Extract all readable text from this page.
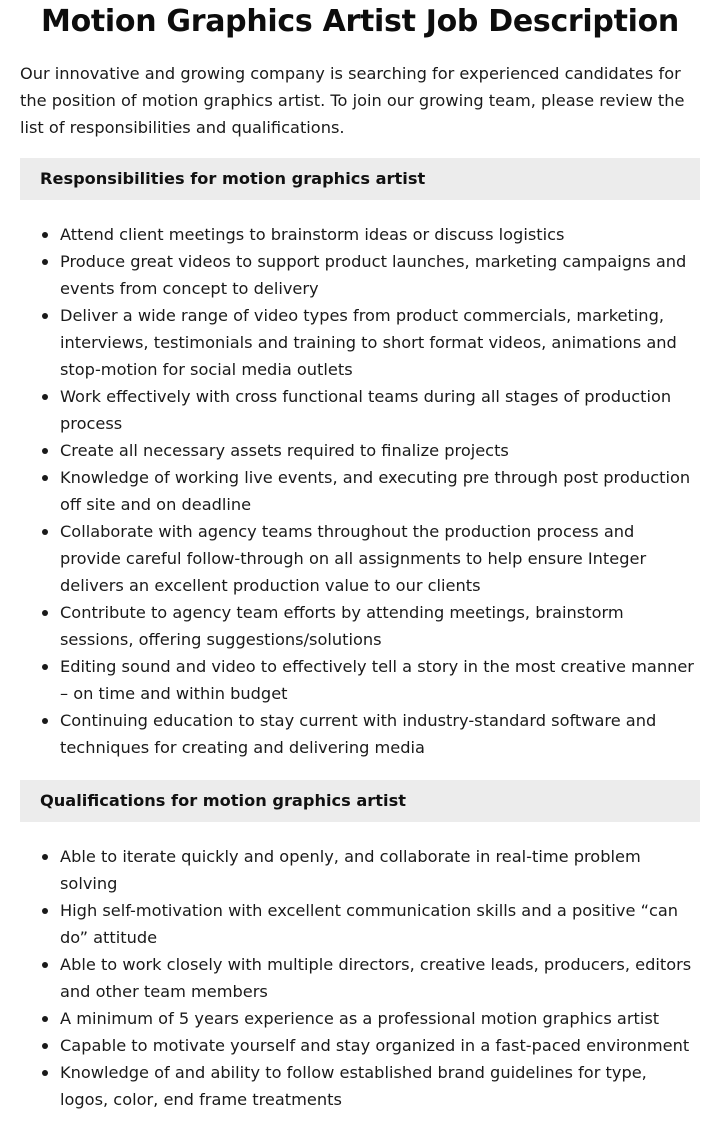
Motion Graphics Artist Job Description

Our innovative and growing company is searching for experienced candidates for the position of motion graphics artist. To join our growing team, please review the list of responsibilities and qualifications.

Responsibilities for motion graphics artist
Attend client meetings to brainstorm ideas or discuss logistics
Produce great videos to support product launches, marketing campaigns and events from concept to delivery
Deliver a wide range of video types from product commercials, marketing, interviews, testimonials and training to short format videos, animations and stop-motion for social media outlets
Work effectively with cross functional teams during all stages of production process
Create all necessary assets required to finalize projects
Knowledge of working live events, and executing pre through post production off site and on deadline
Collaborate with agency teams throughout the production process and provide careful follow-through on all assignments to help ensure Integer delivers an excellent production value to our clients
Contribute to agency team efforts by attending meetings, brainstorm sessions, offering suggestions/solutions
Editing sound and video to effectively tell a story in the most creative manner – on time and within budget
Continuing education to stay current with industry-standard software and techniques for creating and delivering media
Qualifications for motion graphics artist
Able to iterate quickly and openly, and collaborate in real-time problem solving
High self-motivation with excellent communication skills and a positive “can do” attitude
Able to work closely with multiple directors, creative leads, producers, editors and other team members
A minimum of 5 years experience as a professional motion graphics artist
Capable to motivate yourself and stay organized in a fast-paced environment
Knowledge of and ability to follow established brand guidelines for type, logos, color, end frame treatments
